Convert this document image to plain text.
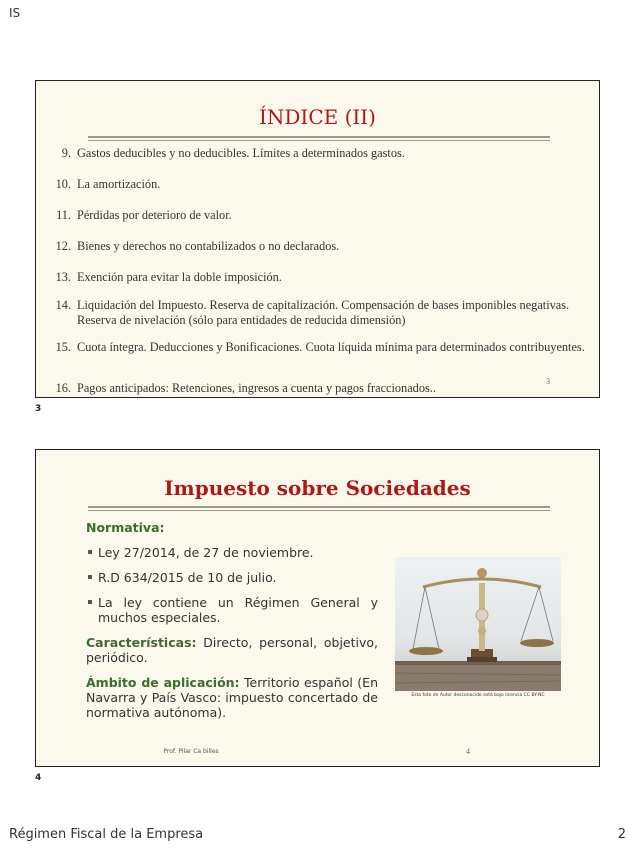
IS
ÍNDICE (II)
9. Gastos deducibles y no deducibles. Límites a determinados gastos.
10. La amortización.
11. Pérdidas por deterioro de valor.
12. Bienes y derechos no contabilizados o no declarados.
13. Exención para evitar la doble imposición.
14. Liquidación del Impuesto. Reserva de capitalización. Compensación de bases imponibles negativas. Reserva de nivelación (sólo para entidades de reducida dimensión)
15. Cuota íntegra. Deducciones y Bonificaciones. Cuota líquida mínima para determinados contribuyentes.
16. Pagos anticipados: Retenciones, ingresos a cuenta y pagos fraccionados..	3
3
Impuesto sobre Sociedades
Normativa:

Ley 27/2014, de 27 de noviembre.

R.D 634/2015 de 10 de julio.

La ley contiene un Régimen General y muchos especiales.

Características: Directo, personal, objetivo, periódico.

Ámbito de aplicación: Territorio español (En Navarra y País Vasco: impuesto concertado de normativa autónoma).

Esta foto de Autor desconocido está bajo licencia CC BY-NC
Prof. Pilar Ca billes	4
4
Régimen Fiscal de la Empresa	2
